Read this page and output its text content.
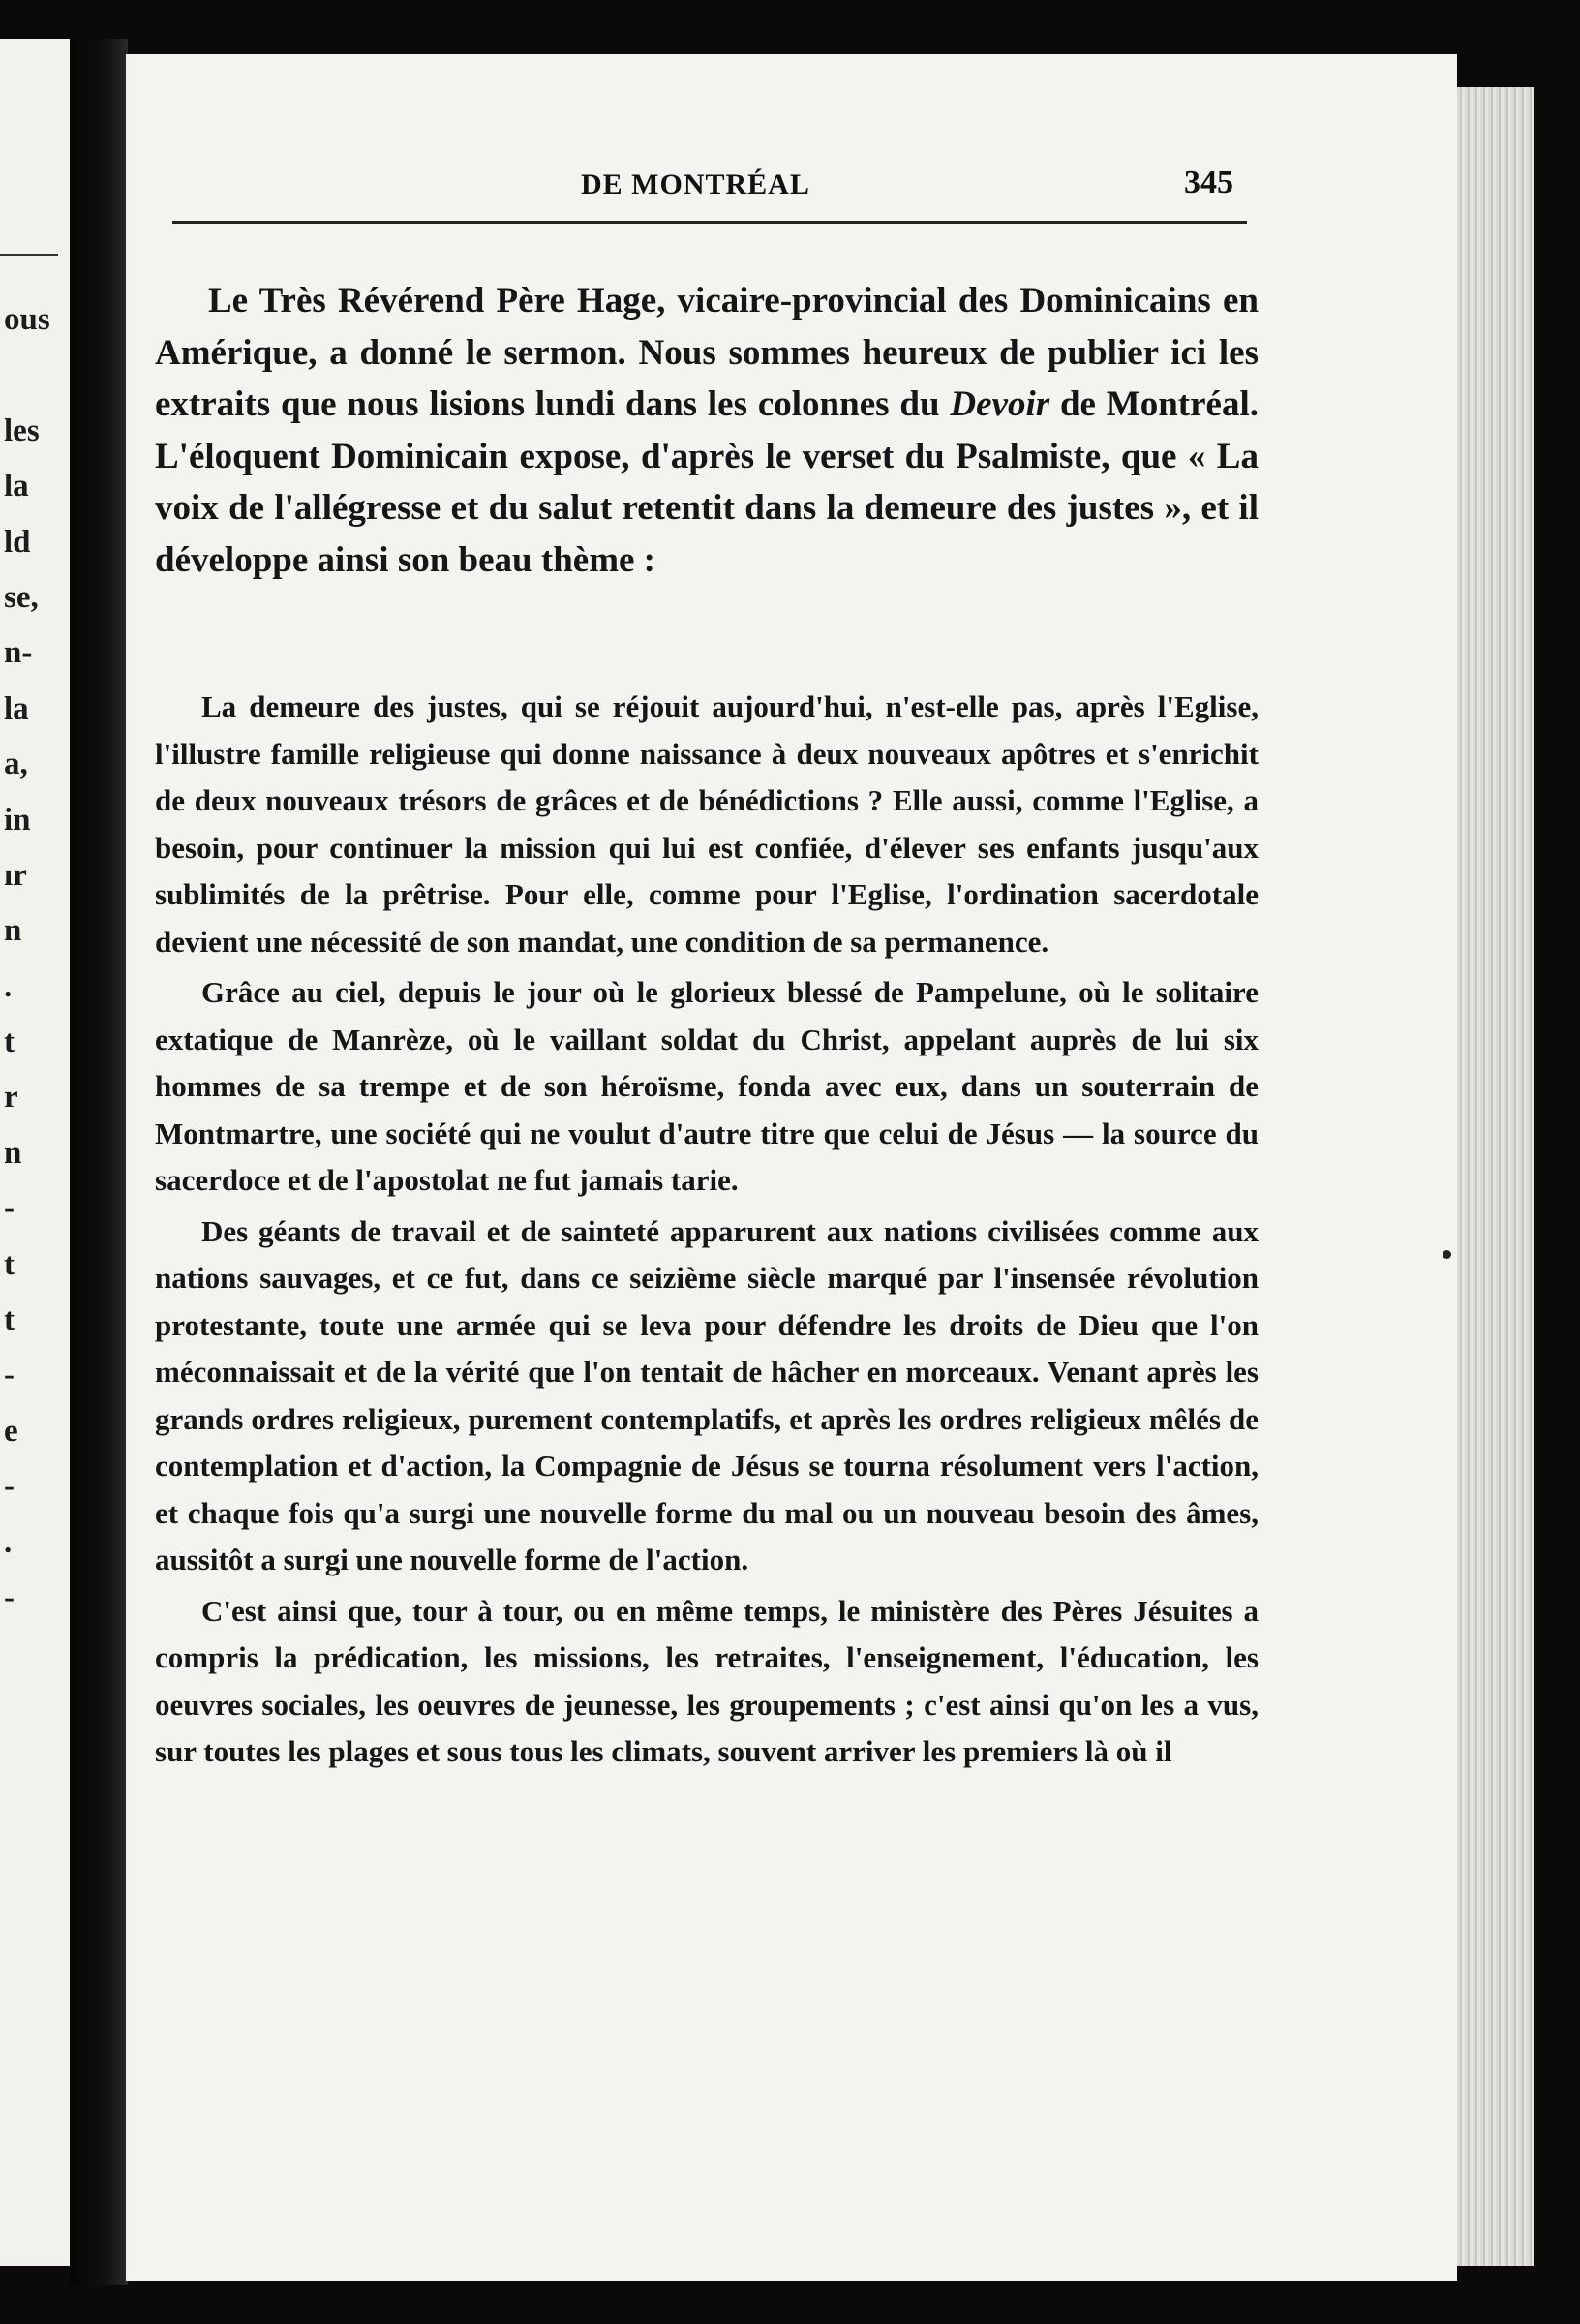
ous
les
la
ld
se,
n-
la
a,
in
ır
n
.
t
r
n
-
t
t
-
e
-
.
-
DE MONTRÉAL	345

Le Très Révérend Père Hage, vicaire-provincial des Dominicains en Amérique, a donné le sermon. Nous sommes heureux de publier ici les extraits que nous lisions lundi dans les colonnes du Devoir de Montréal. L'éloquent Dominicain expose, d'après le verset du Psalmiste, que « La voix de l'allégresse et du salut retentit dans la demeure des justes », et il développe ainsi son beau thème :

La demeure des justes, qui se réjouit aujourd'hui, n'est-elle pas, après l'Eglise, l'illustre famille religieuse qui donne naissance à deux nouveaux apôtres et s'enrichit de deux nouveaux trésors de grâces et de bénédictions ? Elle aussi, comme l'Eglise, a besoin, pour continuer la mission qui lui est confiée, d'élever ses enfants jusqu'aux sublimités de la prêtrise. Pour elle, comme pour l'Eglise, l'ordination sacerdotale devient une nécessité de son mandat, une condition de sa permanence.

Grâce au ciel, depuis le jour où le glorieux blessé de Pampelune, où le solitaire extatique de Manrèze, où le vaillant soldat du Christ, appelant auprès de lui six hommes de sa trempe et de son héroïsme, fonda avec eux, dans un souterrain de Montmartre, une société qui ne voulut d'autre titre que celui de Jésus — la source du sacerdoce et de l'apostolat ne fut jamais tarie.

Des géants de travail et de sainteté apparurent aux nations civilisées comme aux nations sauvages, et ce fut, dans ce seizième siècle marqué par l'insensée révolution protestante, toute une armée qui se leva pour défendre les droits de Dieu que l'on méconnaissait et de la vérité que l'on tentait de hâcher en morceaux. Venant après les grands ordres religieux, purement contemplatifs, et après les ordres religieux mêlés de contemplation et d'action, la Compagnie de Jésus se tourna résolument vers l'action, et chaque fois qu'a surgi une nouvelle forme du mal ou un nouveau besoin des âmes, aussitôt a surgi une nouvelle forme de l'action.

C'est ainsi que, tour à tour, ou en même temps, le ministère des Pères Jésuites a compris la prédication, les missions, les retraites, l'enseignement, l'éducation, les oeuvres sociales, les oeuvres de jeunesse, les groupements ; c'est ainsi qu'on les a vus, sur toutes les plages et sous tous les climats, souvent arriver les premiers là où il
